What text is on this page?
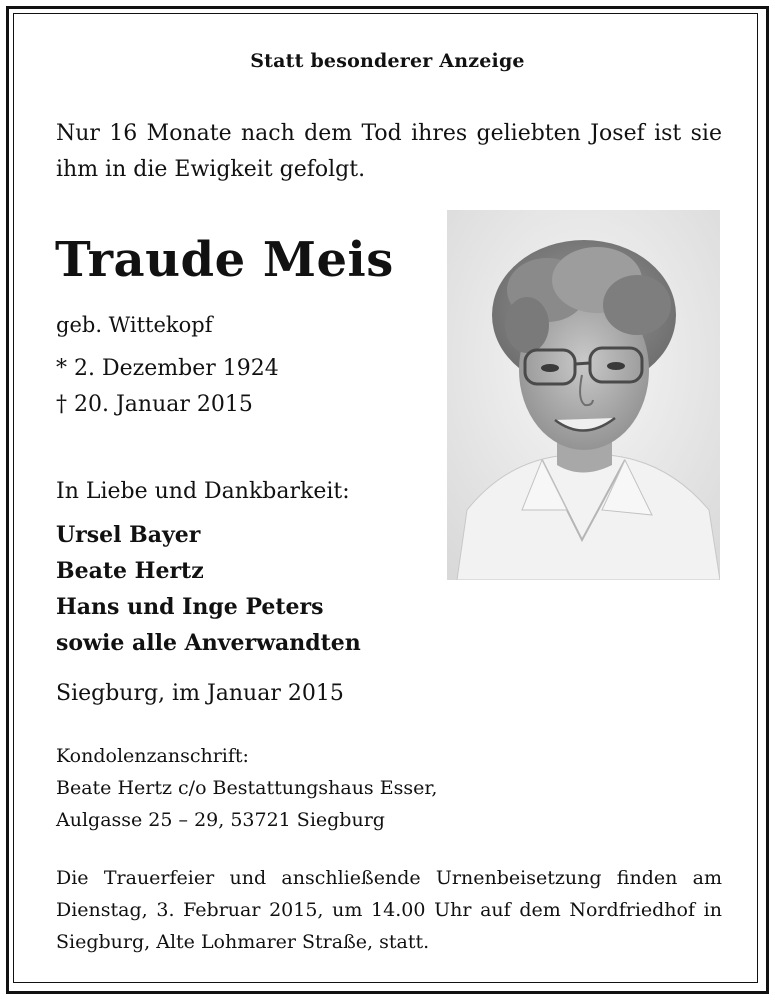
Statt besonderer Anzeige
Nur 16 Monate nach dem Tod ihres geliebten Josef ist sie
ihm in die Ewigkeit gefolgt.
Traude Meis
geb. Wittekopf
* 2. Dezember 1924
† 20. Januar 2015
In Liebe und Dankbarkeit:
Ursel Bayer
Beate Hertz
Hans und Inge Peters
sowie alle Anverwandten
Siegburg, im Januar 2015
Kondolenzanschrift:
Beate Hertz c/o Bestattungshaus Esser,
Aulgasse 25 – 29, 53721 Siegburg
Die Trauerfeier und anschließende Urnenbeisetzung finden am
Dienstag, 3. Februar 2015, um 14.00 Uhr auf dem Nordfriedhof in
Siegburg, Alte Lohmarer Straße, statt.
